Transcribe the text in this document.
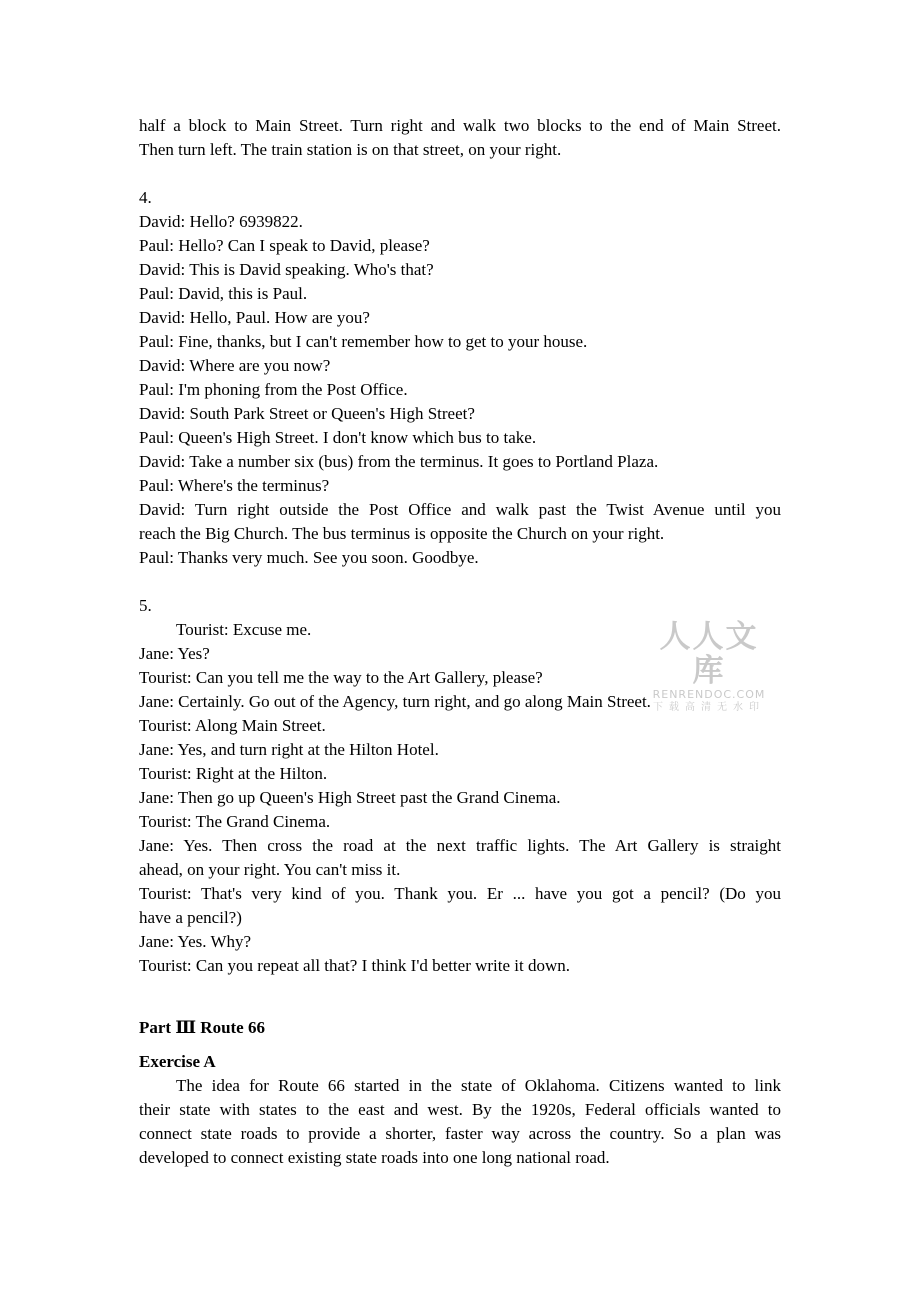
half a block to Main Street. Turn right and walk two blocks to the end of Main Street.

Then turn left. The train station is on that street, on your right.

4.

David: Hello? 6939822.

Paul: Hello? Can I speak to David, please?

David: This is David speaking. Who's that?

Paul: David, this is Paul.

David: Hello, Paul. How are you?

Paul: Fine, thanks, but I can't remember how to get to your house.

David: Where are you now?

Paul: I'm phoning from the Post Office.

David: South Park Street or Queen's High Street?

Paul: Queen's High Street. I don't know which bus to take.

David: Take a number six (bus) from the terminus. It goes to Portland Plaza.

Paul: Where's the terminus?

David: Turn right outside the Post Office and walk past the Twist Avenue until you

reach the Big Church. The bus terminus is opposite the Church on your right.

Paul: Thanks very much. See you soon. Goodbye.

5.

Tourist: Excuse me.

Jane: Yes?

Tourist: Can you tell me the way to the Art Gallery, please?

Jane: Certainly. Go out of the Agency, turn right, and go along Main Street.

Tourist: Along Main Street.

Jane: Yes, and turn right at the Hilton Hotel.

Tourist: Right at the Hilton.

Jane: Then go up Queen's High Street past the Grand Cinema.

Tourist: The Grand Cinema.

Jane: Yes. Then cross the road at the next traffic lights. The Art Gallery is straight

ahead, on your right. You can't miss it.

Tourist: That's very kind of you. Thank you. Er ... have you got a pencil? (Do you

have a pencil?)

Jane: Yes. Why?

Tourist: Can you repeat all that? I think I'd better write it down.

Part Ⅲ Route 66

Exercise A

The idea for Route 66 started in the state of Oklahoma. Citizens wanted to link

their state with states to the east and west. By the 1920s, Federal officials wanted to

connect state roads to provide a shorter, faster way across the country. So a plan was

developed to connect existing state roads into one long national road.

人人文库
RENRENDOC.COM
下载高清无水印
